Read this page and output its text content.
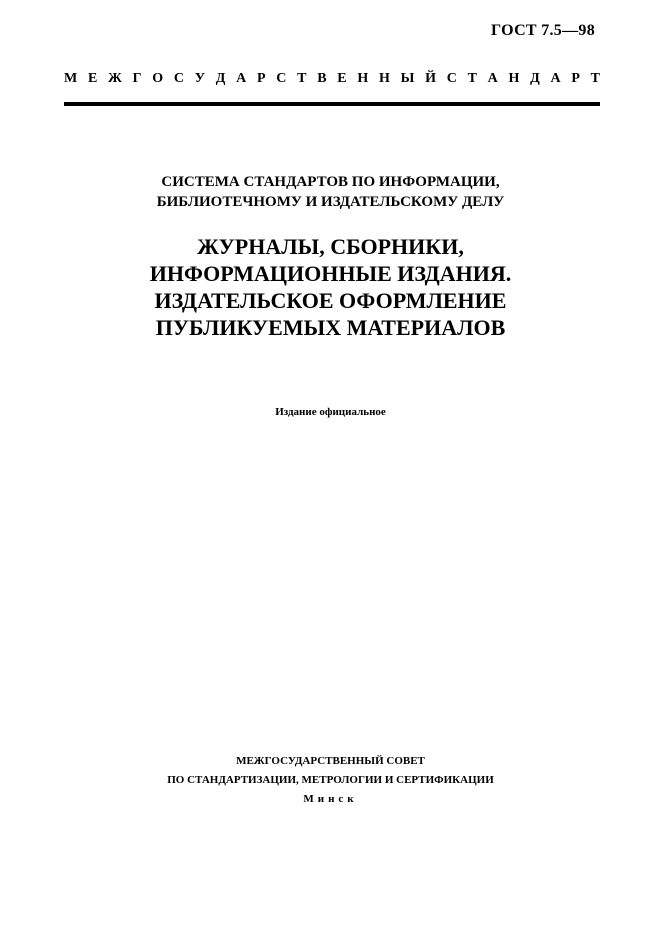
ГОСТ 7.5—98
М Е Ж Г О С У Д А Р С Т В Е Н Н Ы Й С Т А Н Д А Р Т
СИСТЕМА СТАНДАРТОВ ПО ИНФОРМАЦИИ,
БИБЛИОТЕЧНОМУ И ИЗДАТЕЛЬСКОМУ ДЕЛУ
ЖУРНАЛЫ, СБОРНИКИ,
ИНФОРМАЦИОННЫЕ ИЗДАНИЯ.
ИЗДАТЕЛЬСКОЕ ОФОРМЛЕНИЕ
ПУБЛИКУЕМЫХ МАТЕРИАЛОВ
Издание официальное
МЕЖГОСУДАРСТВЕННЫЙ СОВЕТ
ПО СТАНДАРТИЗАЦИИ, МЕТРОЛОГИИ И СЕРТИФИКАЦИИ
Минск
